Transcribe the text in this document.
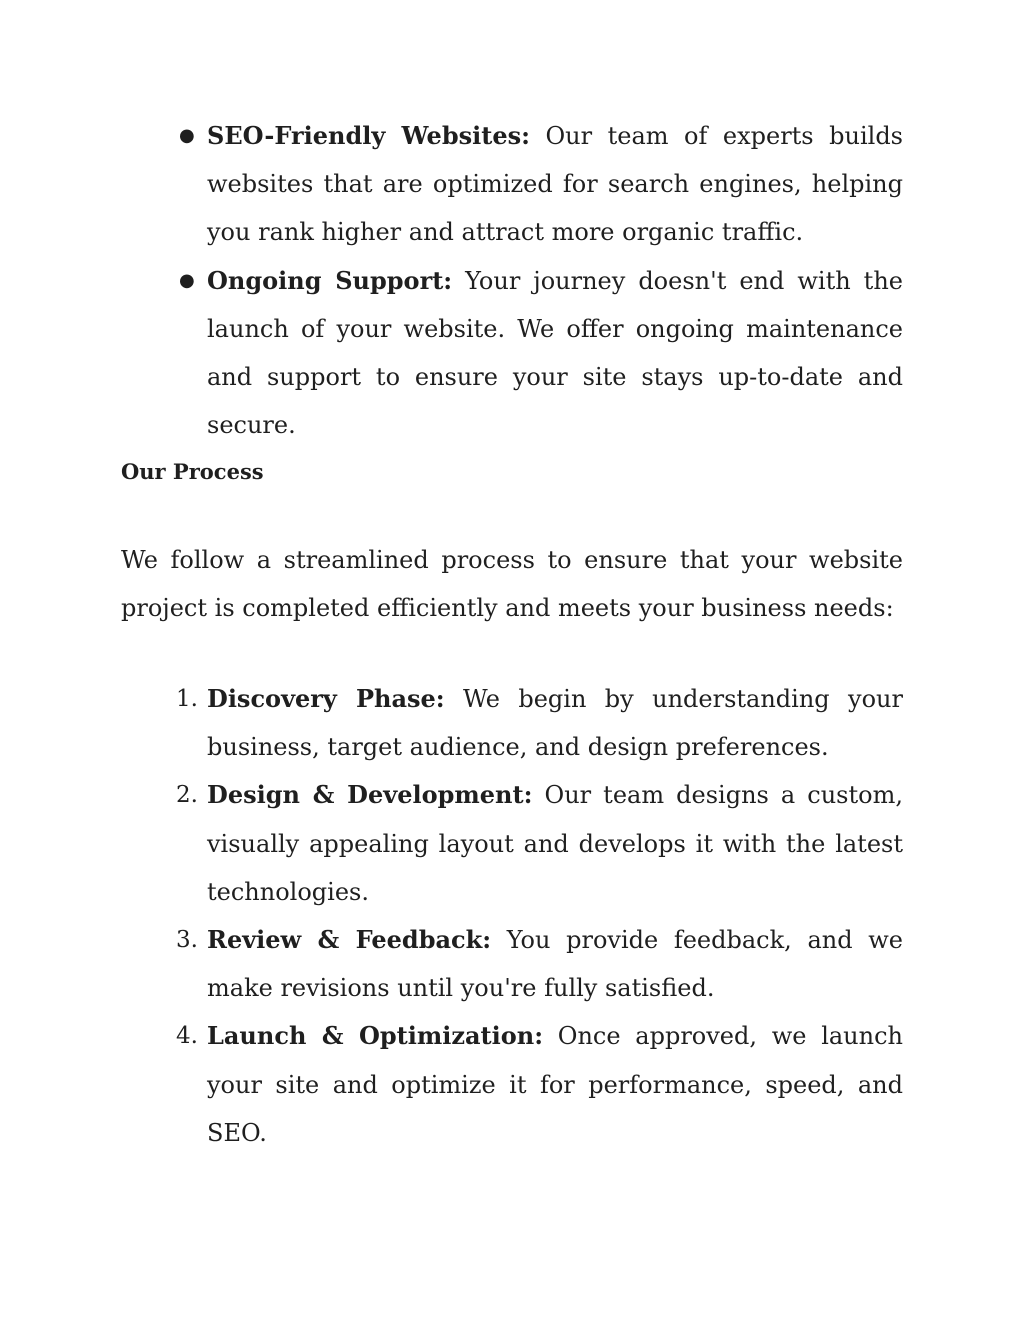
● SEO-Friendly Websites: Our team of experts builds websites that are optimized for search engines, helping you rank higher and attract more organic traffic.
● Ongoing Support: Your journey doesn't end with the launch of your website. We offer ongoing maintenance and support to ensure your site stays up-to-date and secure.
Our Process

We follow a streamlined process to ensure that your website project is completed efficiently and meets your business needs:

1. Discovery Phase: We begin by understanding your business, target audience, and design preferences.
2. Design & Development: Our team designs a custom, visually appealing layout and develops it with the latest technologies.
3. Review & Feedback: You provide feedback, and we make revisions until you're fully satisfied.
4. Launch & Optimization: Once approved, we launch your site and optimize it for performance, speed, and SEO.
